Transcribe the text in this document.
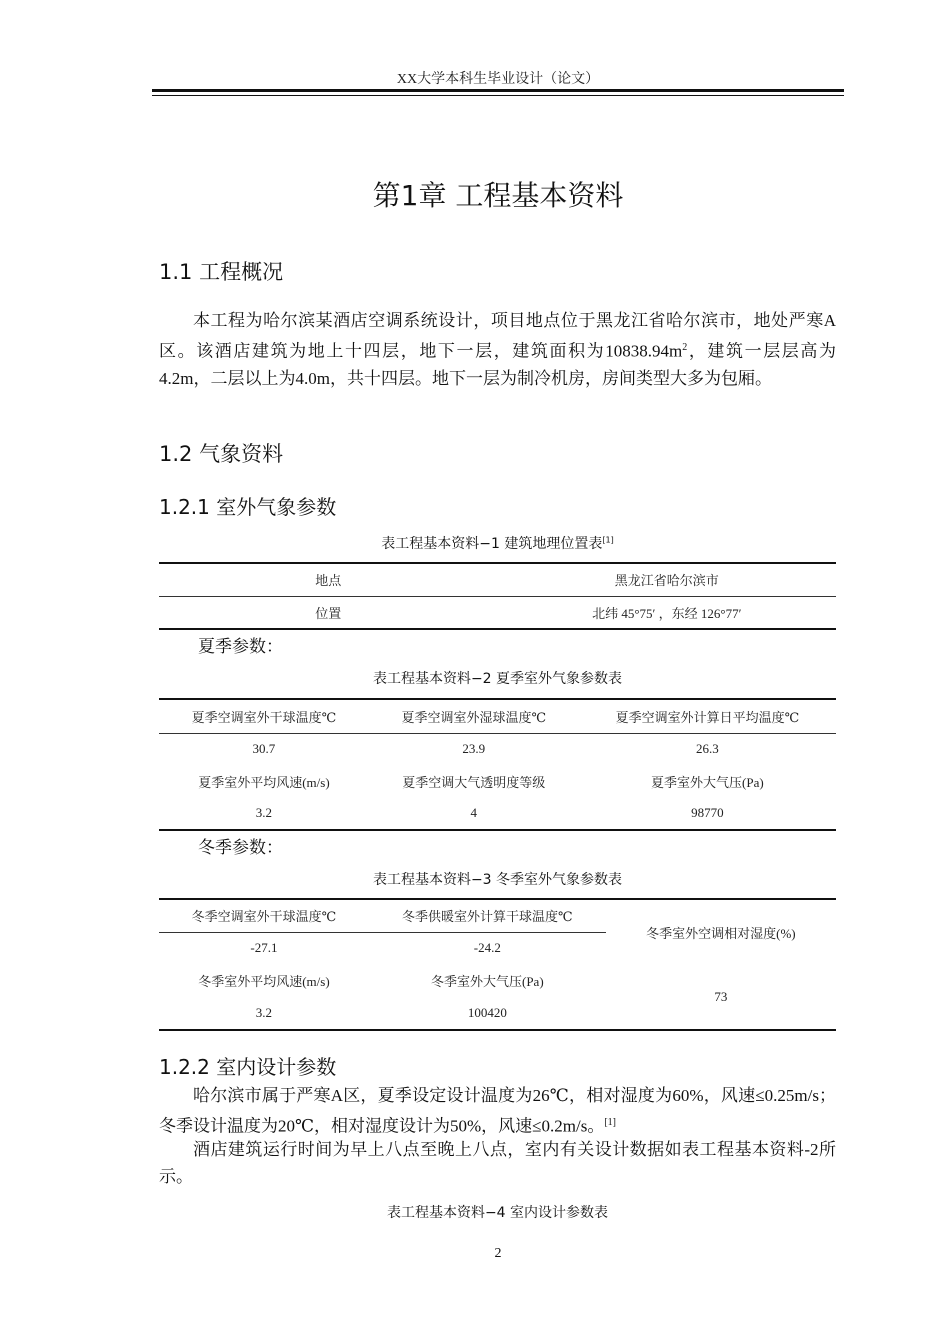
XX大学本科生毕业设计（论文）
第1章 工程基本资料
1.1 工程概况
本工程为哈尔滨某酒店空调系统设计，项目地点位于黑龙江省哈尔滨市，地处严寒A区。该酒店建筑为地上十四层，地下一层，建筑面积为$10838.94m^2$，建筑一层层高为4.2m，二层以上为4.0m，共十四层。地下一层为制冷机房，房间类型大多为包厢。
1.2 气象资料
1.2.1 室外气象参数
表工程基本资料−1 建筑地理位置表[1]
地点	黑龙江省哈尔滨市
位置	北纬 45°75′ ，东经 126°77′
夏季参数：
表工程基本资料−2 夏季室外气象参数表
夏季空调室外干球温度℃	夏季空调室外湿球温度℃	夏季空调室外计算日平均温度℃
30.7	23.9	26.3
夏季室外平均风速(m/s)	夏季空调大气透明度等级	夏季室外大气压(Pa)
3.2	4	98770
冬季参数：
表工程基本资料−3 冬季室外气象参数表
冬季空调室外干球温度℃	冬季供暖室外计算干球温度℃	冬季室外空调相对湿度(%)
-27.1	-24.2	
冬季室外平均风速(m/s)	冬季室外大气压(Pa)	73
3.2	100420	
1.2.2 室内设计参数
哈尔滨市属于严寒A区，夏季设定设计温度为26℃，相对湿度为60%，风速≤0.25m/s；冬季设计温度为20℃，相对湿度设计为50%，风速≤0.2m/s。[1]
酒店建筑运行时间为早上八点至晚上八点，室内有关设计数据如表工程基本资料-2所示。
表工程基本资料−4 室内设计参数表
2
